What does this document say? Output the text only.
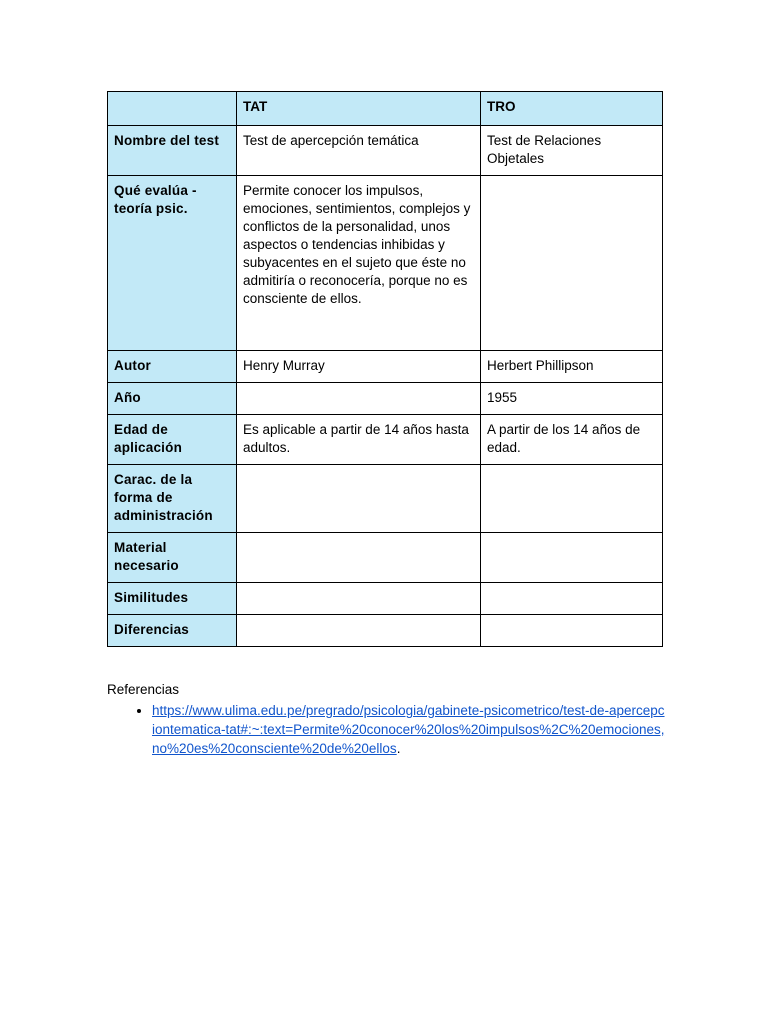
	TAT	TRO
Nombre del test	Test de apercepción temática	Test de Relaciones Objetales
Qué evalúa - teoría psic.	Permite conocer los impulsos, emociones, sentimientos, complejos y conflictos de la personalidad, unos aspectos o tendencias inhibidas y subyacentes en el sujeto que éste no admitiría o reconocería, porque no es consciente de ellos.	
Autor	Henry Murray	Herbert Phillipson
Año		1955
Edad de aplicación	Es aplicable a partir de 14 años hasta adultos.	A partir de los 14 años de edad.
Carac. de la forma de administración		
Material necesario		
Similitudes		
Diferencias		

Referencias

• https://www.ulima.edu.pe/pregrado/psicologia/gabinete-psicometrico/test-de-apercepciontematica-tat#:~:text=Permite%20conocer%20los%20impulsos%2C%20emociones,no%20es%20consciente%20de%20ellos.
